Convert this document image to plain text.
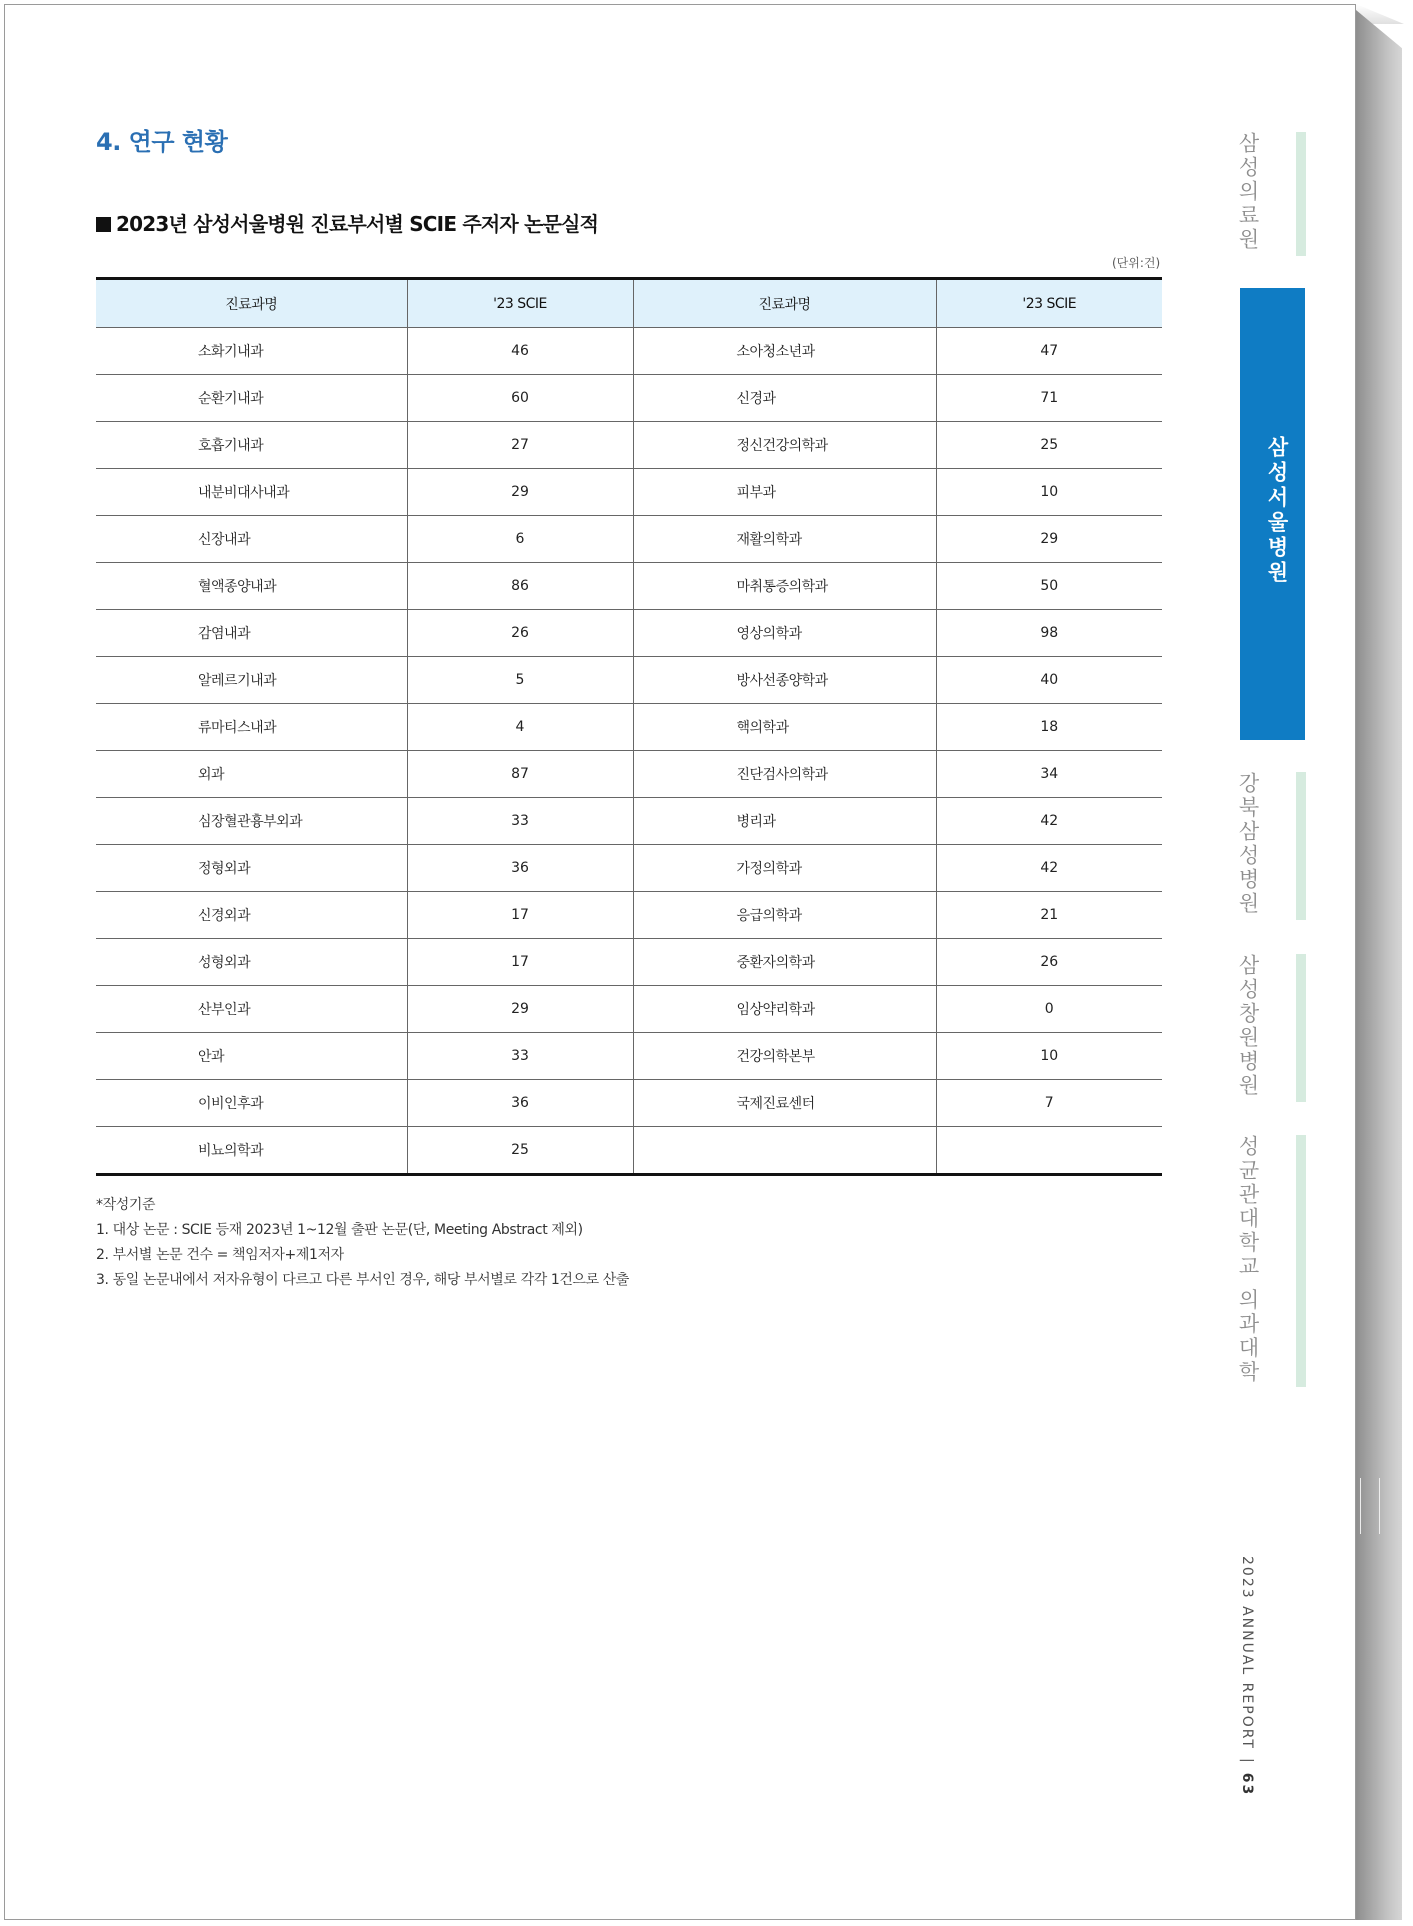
4. 연구 현황
2023년 삼성서울병원 진료부서별 SCIE 주저자 논문실적
(단위:건)
진료과명	'23 SCIE	진료과명	'23 SCIE
소화기내과	46	소아청소년과	47
순환기내과	60	신경과	71
호흡기내과	27	정신건강의학과	25
내분비대사내과	29	피부과	10
신장내과	6	재활의학과	29
혈액종양내과	86	마취통증의학과	50
감염내과	26	영상의학과	98
알레르기내과	5	방사선종양학과	40
류마티스내과	4	핵의학과	18
외과	87	진단검사의학과	34
심장혈관흉부외과	33	병리과	42
정형외과	36	가정의학과	42
신경외과	17	응급의학과	21
성형외과	17	중환자의학과	26
산부인과	29	임상약리학과	0
안과	33	건강의학본부	10
이비인후과	36	국제진료센터	7
비뇨의학과	25		
*작성기준
1. 대상 논문 : SCIE 등재 2023년 1~12월 출판 논문(단, Meeting Abstract 제외)
2. 부서별 논문 건수 = 책임저자+제1저자
3. 동일 논문내에서 저자유형이 다르고 다른 부서인 경우, 해당 부서별로 각각 1건으로 산출
삼성의료원
삼성서울병원
강북삼성병원
삼성창원병원
성균관대학교 의과대학
2023 ANNUAL REPORT|63
